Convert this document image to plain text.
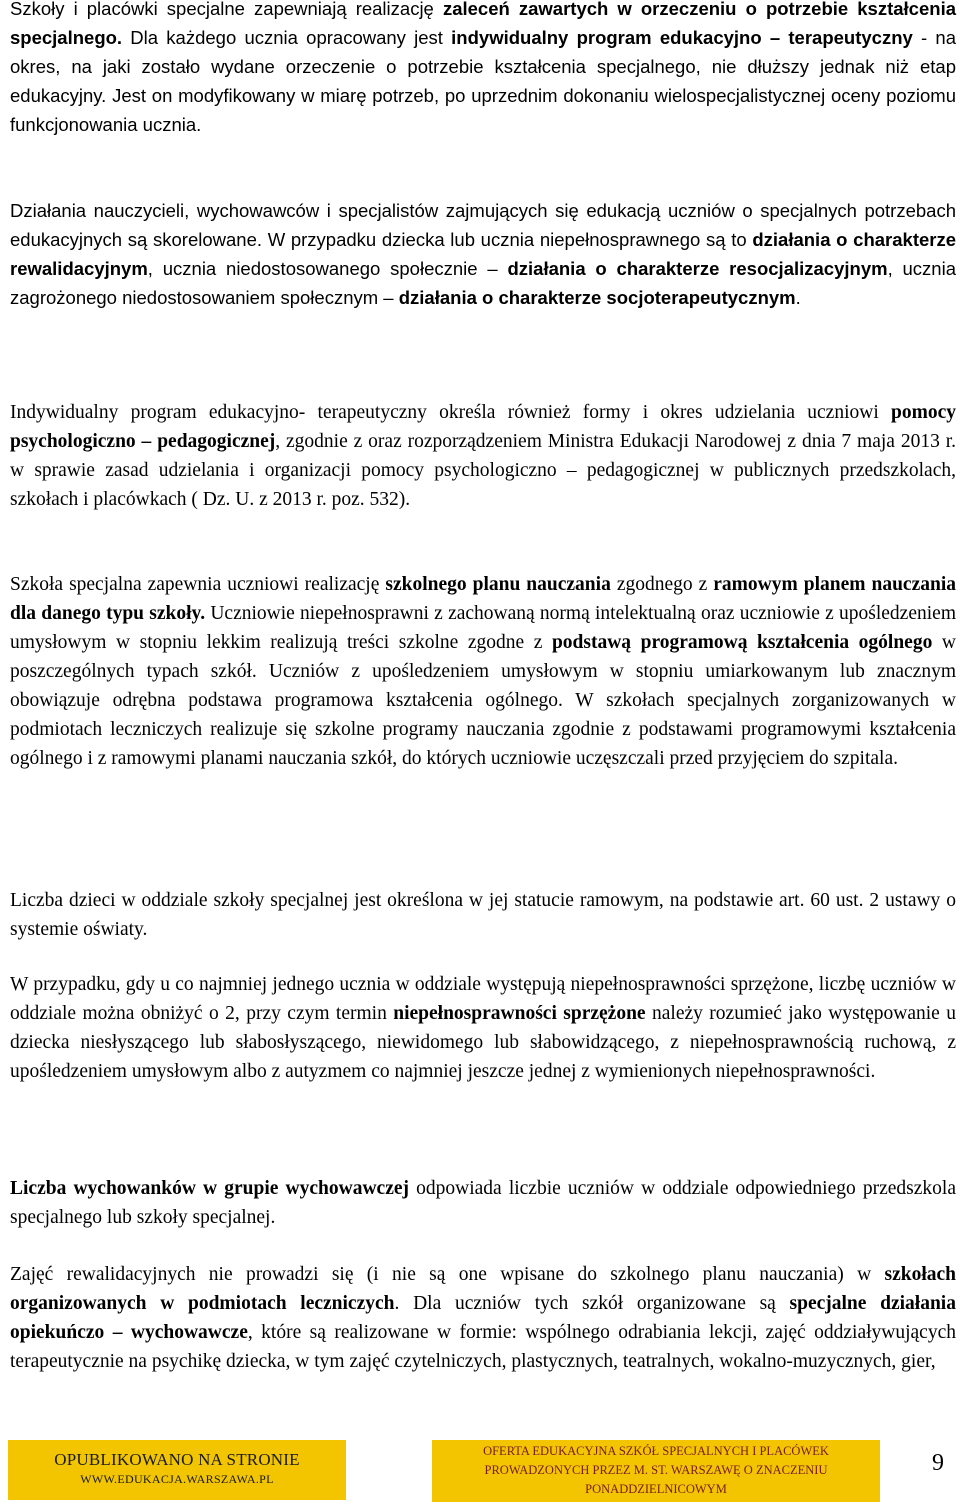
Szkoły i placówki specjalne zapewniają realizację zaleceń zawartych w orzeczeniu o potrzebie kształcenia specjalnego. Dla każdego ucznia opracowany jest indywidualny program edukacyjno – terapeutyczny - na okres, na jaki zostało wydane orzeczenie o potrzebie kształcenia specjalnego, nie dłuższy jednak niż etap edukacyjny. Jest on modyfikowany w miarę potrzeb, po uprzednim dokonaniu wielospecjalistycznej oceny poziomu funkcjonowania ucznia.

Działania nauczycieli, wychowawców i specjalistów zajmujących się edukacją uczniów o specjalnych potrzebach edukacyjnych są skorelowane. W przypadku dziecka lub ucznia niepełnosprawnego są to działania o charakterze rewalidacyjnym, ucznia niedostosowanego społecznie – działania o charakterze resocjalizacyjnym, ucznia zagrożonego niedostosowaniem społecznym – działania o charakterze socjoterapeutycznym.

Indywidualny program edukacyjno- terapeutyczny określa również formy i okres udzielania uczniowi pomocy psychologiczno – pedagogicznej, zgodnie z oraz rozporządzeniem Ministra Edukacji Narodowej z dnia 7 maja 2013 r. w sprawie zasad udzielania i organizacji pomocy psychologiczno – pedagogicznej w publicznych przedszkolach, szkołach i placówkach ( Dz. U. z 2013 r. poz. 532).

Szkoła specjalna zapewnia uczniowi realizację szkolnego planu nauczania zgodnego z ramowym planem nauczania dla danego typu szkoły. Uczniowie niepełnosprawni z zachowaną normą intelektualną oraz uczniowie z upośledzeniem umysłowym w stopniu lekkim realizują treści szkolne zgodne z podstawą programową kształcenia ogólnego w poszczególnych typach szkół. Uczniów z upośledzeniem umysłowym w stopniu umiarkowanym lub znacznym obowiązuje odrębna podstawa programowa kształcenia ogólnego. W szkołach specjalnych zorganizowanych w podmiotach leczniczych realizuje się szkolne programy nauczania zgodnie z podstawami programowymi kształcenia ogólnego i z ramowymi planami nauczania szkół, do których uczniowie uczęszczali przed przyjęciem do szpitala.

Liczba dzieci w oddziale szkoły specjalnej jest określona w jej statucie ramowym, na podstawie art. 60 ust. 2 ustawy o systemie oświaty.

W przypadku, gdy u co najmniej jednego ucznia w oddziale występują niepełnosprawności sprzężone, liczbę uczniów w oddziale można obniżyć o 2, przy czym termin niepełnosprawności sprzężone należy rozumieć jako występowanie u dziecka niesłyszącego lub słabosłyszącego, niewidomego lub słabowidzącego, z niepełnosprawnością ruchową, z upośledzeniem umysłowym albo z autyzmem co najmniej jeszcze jednej z wymienionych niepełnosprawności.

Liczba wychowanków w grupie wychowawczej odpowiada liczbie uczniów w oddziale odpowiedniego przedszkola specjalnego lub szkoły specjalnej.

Zajęć rewalidacyjnych nie prowadzi się (i nie są one wpisane do szkolnego planu nauczania) w szkołach organizowanych w podmiotach leczniczych. Dla uczniów tych szkół organizowane są specjalne działania opiekuńczo – wychowawcze, które są realizowane w formie: wspólnego odrabiania lekcji, zajęć oddziaływujących terapeutycznie na psychikę dziecka, w tym zajęć czytelniczych, plastycznych, teatralnych, wokalno-muzycznych, gier,

OPUBLIKOWANO NA STRONIE
WWW.EDUKACJA.WARSZAWA.PL
OFERTA EDUKACYJNA SZKÓŁ SPECJALNYCH I PLACÓWEK
PROWADZONYCH PRZEZ M. ST. WARSZAWĘ O ZNACZENIU
PONADDZIELNICOWYM
9
